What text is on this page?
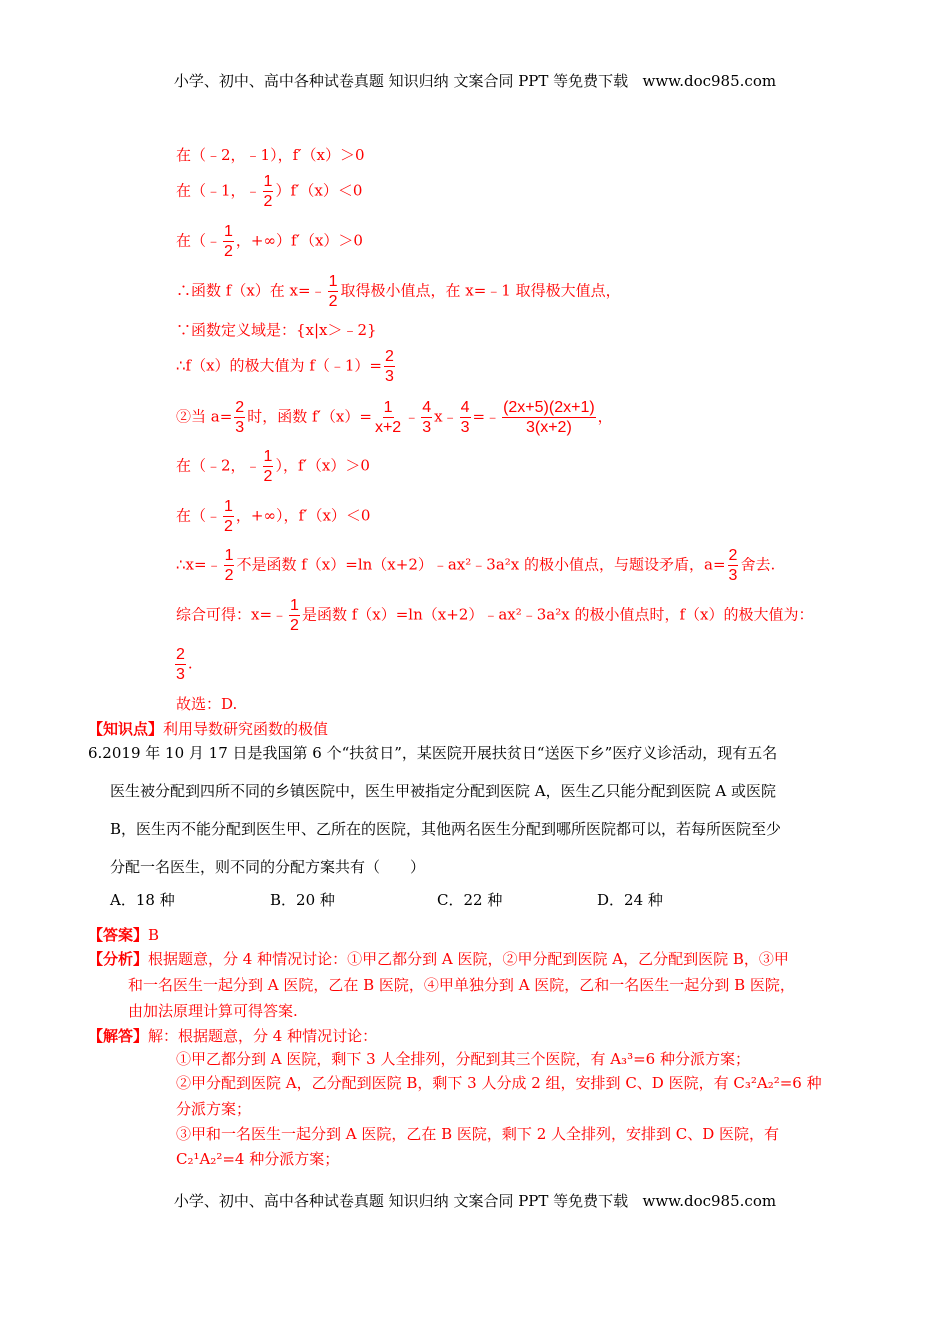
小学、初中、高中各种试卷真题 知识归纳 文案合同 PPT 等免费下载   www.doc985.com
在（﹣2，﹣1），f′（x）＞0
在（﹣1，﹣ $\frac{1}{2} )f'(x)<0$
在（﹣ $\frac{1}{2}$ ，+∞）f′（x）＞0
∴函数 f（x）在 x=﹣ $\frac{1}{2}$ 取得极小值点，在 x=﹣1 取得极大值点，
∵函数定义域是：{x|x＞﹣2}
∴f（x）的极大值为 f（﹣1）= $\frac{2}{3}$
②当 $a= \frac{2}{3}$ 时，函数 $f'(x)= \frac{1}{x+2}$ ﹣ $\frac{4}{3}$ x﹣ $\frac{4}{3}$ =﹣ $\frac{(2x+5)(2x+1)}{3(x+2)}$ ，
在（﹣2，﹣ $\frac{1}{2}$ ），f′（x）＞0
在（﹣ $\frac{1}{2}$ ，+∞），f′（x）＜0
∴x=﹣ $\frac{1}{2}$ 不是函数 f（x）=ln（x+2）﹣ax²﹣3a²x 的极小值点，与题设矛盾，$a= \frac{2}{3}$ 舍去.
综合可得：x=﹣ $\frac{1}{2}$ 是函数 f（x）=ln（x+2）﹣ax²﹣3a²x 的极小值点时，f（x）的极大值为：
$\frac{2}{3}$ .
故选：D.
【知识点】利用导数研究函数的极值
6.2019 年 10 月 17 日是我国第 6 个“扶贫日”，某医院开展扶贫日“送医下乡”医疗义诊活动，现有五名
医生被分配到四所不同的乡镇医院中，医生甲被指定分配到医院 A，医生乙只能分配到医院 A 或医院
B，医生丙不能分配到医生甲、乙所在的医院，其他两名医生分配到哪所医院都可以，若每所医院至少
分配一名医生，则不同的分配方案共有（　　）
A．18 种	B．20 种	C．22 种	D．24 种
【答案】B
【分析】根据题意，分 4 种情况讨论：①甲乙都分到 A 医院，②甲分配到医院 A，乙分配到医院 B，③甲
和一名医生一起分到 A 医院，乙在 B 医院，④甲单独分到 A 医院，乙和一名医生一起分到 B 医院，
由加法原理计算可得答案.
【解答】解：根据题意，分 4 种情况讨论：
①甲乙都分到 A 医院，剩下 3 人全排列，分配到其三个医院，有 A₃³=6 种分派方案；
②甲分配到医院 A，乙分配到医院 B，剩下 3 人分成 2 组，安排到 C、D 医院，有 C₃²A₂²=6 种
分派方案；
③甲和一名医生一起分到 A 医院，乙在 B 医院，剩下 2 人全排列，安排到 C、D 医院，有
C₂¹A₂²=4 种分派方案；
小学、初中、高中各种试卷真题 知识归纳 文案合同 PPT 等免费下载   www.doc985.com
